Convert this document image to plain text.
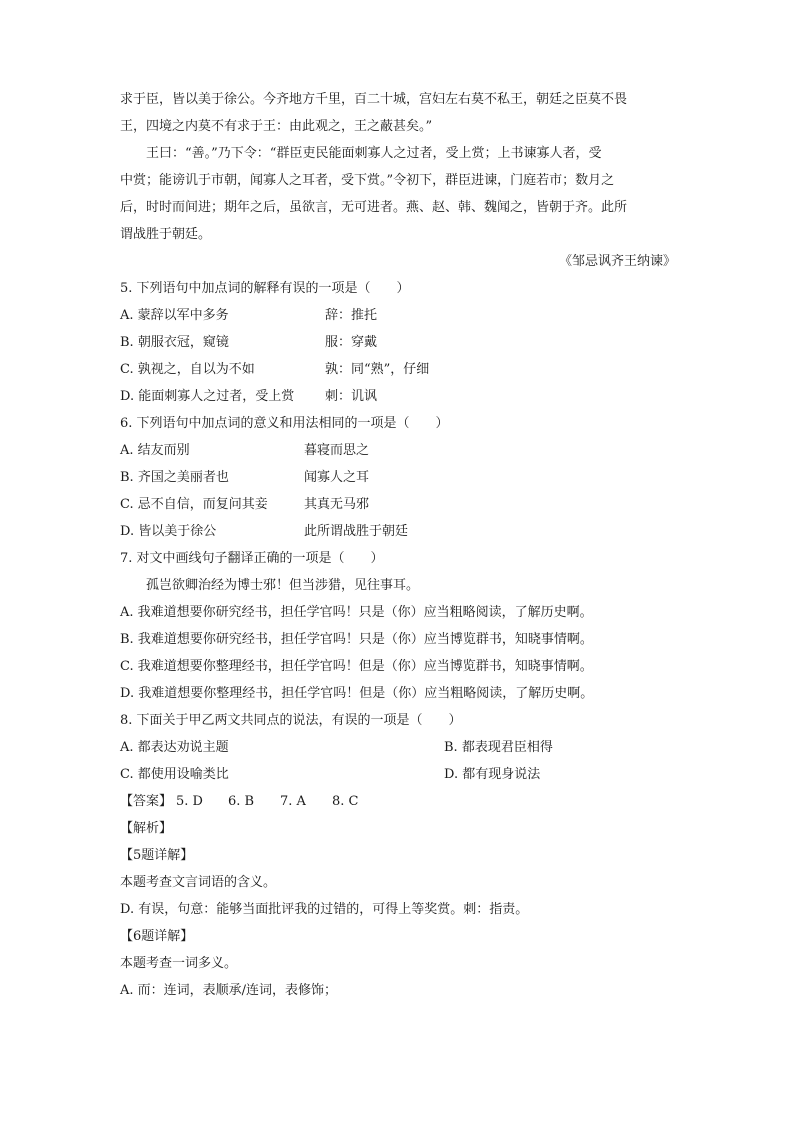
求于臣，皆以美于徐公。今齐地方千里，百二十城，宫妇左右莫不私王，朝廷之臣莫不畏
王，四境之内莫不有求于王：由此观之，王之蔽甚矣。”
王曰：“善。”乃下令：“群臣吏民能面刺寡人之过者，受上赏；上书谏寡人者，受
中赏；能谤讥于市朝，闻寡人之耳者，受下赏。”令初下，群臣进谏，门庭若市；数月之
后，时时而间进；期年之后，虽欲言，无可进者。燕、赵、韩、魏闻之，皆朝于齐。此所
谓战胜于朝廷。
《邹忌讽齐王纳谏》
5. 下列语句中加点词的解释有误的一项是（　　）
A. 蒙辞以军中多务	辞：推托
B. 朝服衣冠，窥镜	服：穿戴
C. 孰视之，自以为不如	孰：同“熟”，仔细
D. 能面刺寡人之过者，受上赏 刺：讥讽
6. 下列语句中加点词的意义和用法相同的一项是（　　）
A. 结友而别	暮寝而思之
B. 齐国之美丽者也	闻寡人之耳
C. 忌不自信，而复问其妾	其真无马邪
D. 皆以美于徐公	此所谓战胜于朝廷
7. 对文中画线句子翻译正确的一项是（　　）
孤岂欲卿治经为博士邪！但当涉猎，见往事耳。
A. 我难道想要你研究经书，担任学官吗！只是（你）应当粗略阅读，了解历史啊。
B. 我难道想要你研究经书，担任学官吗！只是（你）应当博览群书，知晓事情啊。
C. 我难道想要你整理经书，担任学官吗！但是（你）应当博览群书，知晓事情啊。
D. 我难道想要你整理经书，担任学官吗！但是（你）应当粗略阅读，了解历史啊。
8. 下面关于甲乙两文共同点的说法，有误的一项是（　　）
A. 都表达劝说主题	B. 都表现君臣相得
C. 都使用设喻类比	D. 都有现身说法
【答案】 5. D 6. B 7. A 8. C
【解析】
【5题详解】
本题考查文言词语的含义。
D. 有误，句意：能够当面批评我的过错的，可得上等奖赏。刺：指责。
【6题详解】
本题考查一词多义。
A. 而：连词，表顺承/连词，表修饰；
